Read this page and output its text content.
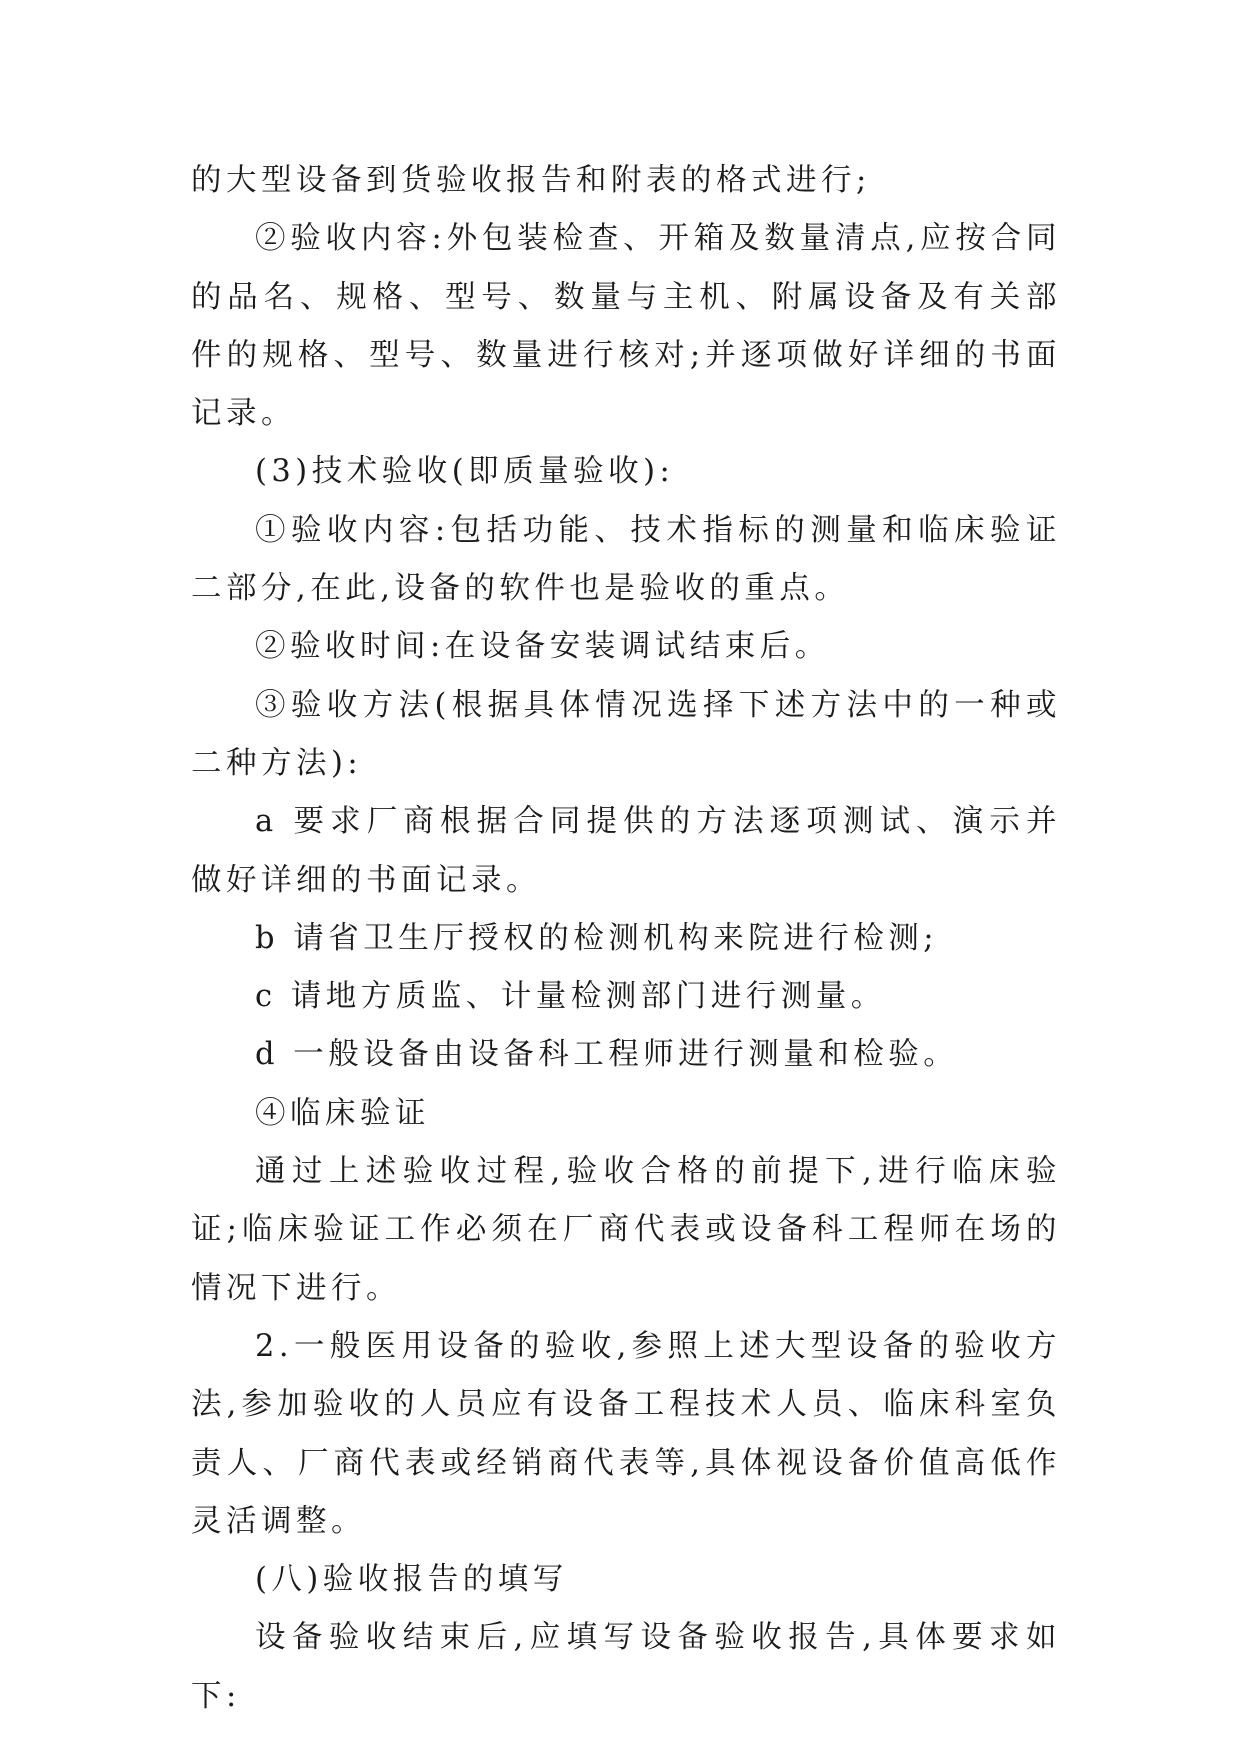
的大型设备到货验收报告和附表的格式进行;

②验收内容:外包装检查、开箱及数量清点,应按合同的品名、规格、型号、数量与主机、附属设备及有关部件的规格、型号、数量进行核对;并逐项做好详细的书面记录。

(3)技术验收(即质量验收):

①验收内容:包括功能、技术指标的测量和临床验证二部分,在此,设备的软件也是验收的重点。

②验收时间:在设备安装调试结束后。

③验收方法(根据具体情况选择下述方法中的一种或二种方法):

a 要求厂商根据合同提供的方法逐项测试、演示并做好详细的书面记录。

b 请省卫生厅授权的检测机构来院进行检测;

c 请地方质监、计量检测部门进行测量。

d 一般设备由设备科工程师进行测量和检验。

④临床验证

通过上述验收过程,验收合格的前提下,进行临床验证;临床验证工作必须在厂商代表或设备科工程师在场的情况下进行。

2.一般医用设备的验收,参照上述大型设备的验收方法,参加验收的人员应有设备工程技术人员、临床科室负责人、厂商代表或经销商代表等,具体视设备价值高低作灵活调整。

(八)验收报告的填写

设备验收结束后,应填写设备验收报告,具体要求如下:
